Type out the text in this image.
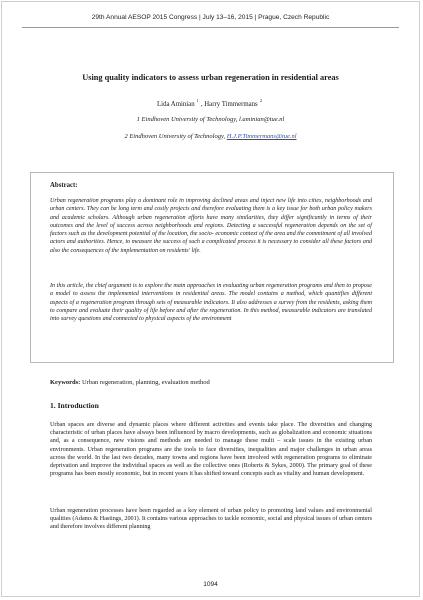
29th Annual AESOP 2015 Congress | July 13–16, 2015 | Prague, Czech Republic
Using quality indicators to assess urban regeneration in residential areas
Lida Aminian$^1$, Harry Timmermans$^2$
1 Eindhoven University of Technology, l.aminian@tue.nl
2 Eindhoven University of Technology, H.J.P.Timmermans@tue.nl
Abstract:

Urban regeneration programs play a dominant role in improving declined areas and inject new life into cities, neighborhoods and urban centers. They can be long term and costly projects and therefore evaluating them is a key issue for both urban policy makers and academic scholars. Although urban regeneration efforts have many similarities, they differ significantly in terms of their outcomes and the level of success across neighborhoods and regions. Detecting a successful regeneration depends on the set of factors such as the development potential of the location, the socio- economic context of the area and the commitment of all involved actors and authorities. Hence, to measure the success of such a complicated process it is necessary to consider all these factors and also the consequences of the implementation on residents' life.

In this article, the chief argument is to explore the main approaches in evaluating urban regeneration programs and then to propose a model to assess the implemented interventions in residential areas. The model contains a method, which quantifies different aspects of a regeneration program through sets of measurable indicators. It also addresses a survey from the residents, asking them to compare and evaluate their quality of life before and after the regeneration. In this method, measurable indicators are translated into survey questions and connected to physical aspects of the environment

Keywords: Urban regeneration, planning, evaluation method
1. Introduction

Urban spaces are diverse and dynamic places where different activities and events take place. The diversities and changing characteristic of urban places have always been influenced by macro developments, such as globalization and economic situations and, as a consequence, new visions and methods are needed to manage these multi – scale issues in the existing urban environments. Urban regeneration programs are the tools to face diversities, inequalities and major challenges in urban areas across the world. In the last two decades, many towns and regions have been involved with regeneration programs to eliminate deprivation and improve the individual spaces as well as the collective ones (Roberts & Sykes, 2000). The primary goal of these programs has been mostly economic, but in recent years it has shifted toward concepts such as vitality and human development.

Urban regeneration processes have been regarded as a key element of urban policy to promoting land values and environmental qualities (Adams & Hastings, 2001). It contains various approaches to tackle economic, social and physical issues of urban centers and therefore involves different planning

1094
